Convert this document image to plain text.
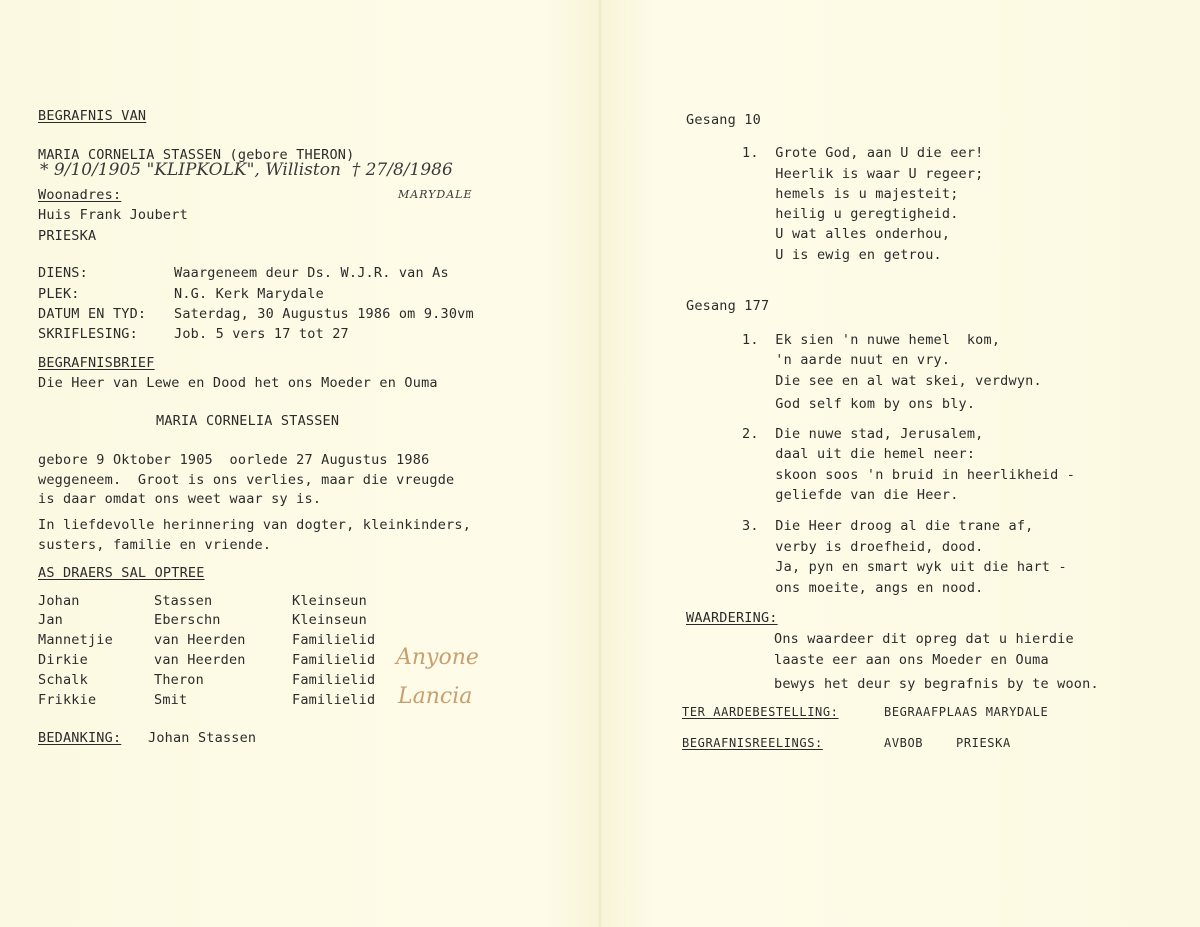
BEGRAFNIS VAN
MARIA CORNELIA STASSEN (gebore THERON)
* 9/10/1905 "KLIPKOLK", Williston  † 27/8/1986
MARYDALE
Woonadres:
Huis Frank Joubert
PRIESKA
DIENS:	Waargeneem deur Ds. W.J.R. van As
PLEK:	N.G. Kerk Marydale
DATUM EN TYD: Saterdag, 30 Augustus 1986 om 9.30vm
SKRIFLESING:	Job. 5 vers 17 tot 27
BEGRAFNISBRIEF
Die Heer van Lewe en Dood het ons Moeder en Ouma
MARIA CORNELIA STASSEN
gebore 9 Oktober 1905  oorlede 27 Augustus 1986
weggeneem.  Groot is ons verlies, maar die vreugde
is daar omdat ons weet waar sy is.
In liefdevolle herinnering van dogter, kleinkinders,
susters, familie en vriende.
AS DRAERS SAL OPTREE
Johan	Stassen	Kleinseun
Jan	Eberschn	Kleinseun
Mannetjie	van Heerden	Familielid
Dirkie	van Heerden	Familielid
Schalk	Theron	Familielid
Frikkie	Smit	Familielid
Anyone
Lancia
BEDANKING: Johan Stassen
Gesang 10
1.  Grote God, aan U die eer!
Heerlik is waar U regeer;
hemels is u majesteit;
heilig u geregtigheid.
U wat alles onderhou,
U is ewig en getrou.
Gesang 177
1.  Ek sien 'n nuwe hemel  kom,
'n aarde nuut en vry.
Die see en al wat skei, verdwyn.
God self kom by ons bly.
2.  Die nuwe stad, Jerusalem,
daal uit die hemel neer:
skoon soos 'n bruid in heerlikheid -
geliefde van die Heer.
3.  Die Heer droog al die trane af,
verby is droefheid, dood.
Ja, pyn en smart wyk uit die hart -
ons moeite, angs en nood.
WAARDERING:
Ons waardeer dit opreg dat u hierdie
laaste eer aan ons Moeder en Ouma
bewys het deur sy begrafnis by te woon.
TER AARDEBESTELLING:	BEGRAAFPLAAS MARYDALE
BEGRAFNISREELINGS:	AVBOB	PRIESKA
